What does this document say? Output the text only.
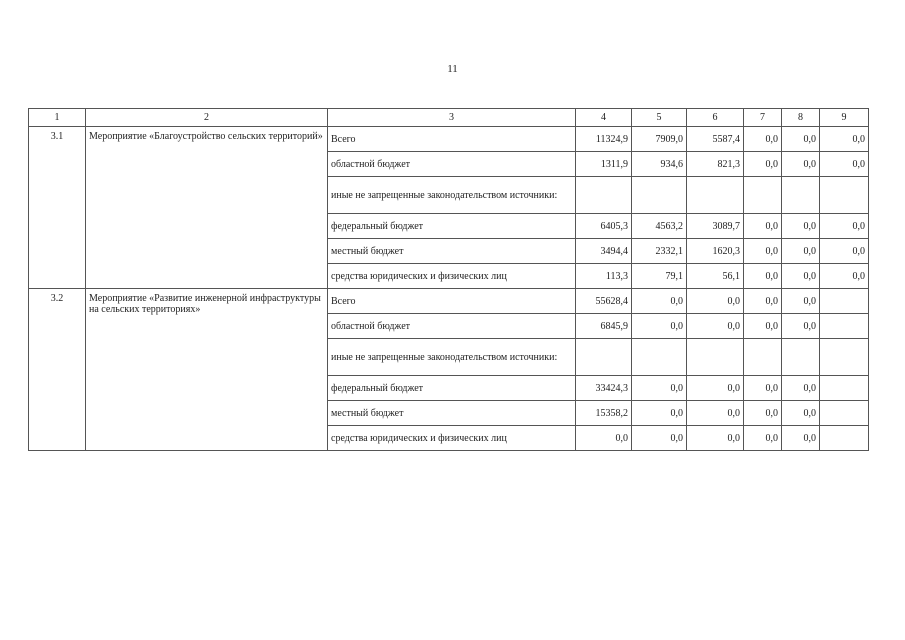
11
1	2	3	4	5	6	7	8	9
3.1	Мероприятие «Благоустройство сельских территорий»	Всего	11324,9	7909,0	5587,4	0,0	0,0	0,0
		областной бюджет	1311,9	934,6	821,3	0,0	0,0	0,0
		иные не запрещенные законодательством источники:						
		федеральный бюджет	6405,3	4563,2	3089,7	0,0	0,0	0,0
		местный бюджет	3494,4	2332,1	1620,3	0,0	0,0	0,0
		средства юридических и физических лиц	113,3	79,1	56,1	0,0	0,0	0,0
3.2	Мероприятие «Развитие инженерной инфраструктуры на сельских территориях»	Всего	55628,4	0,0	0,0	0,0	0,0	
		областной бюджет	6845,9	0,0	0,0	0,0	0,0	
		иные не запрещенные законодательством источники:						
		федеральный бюджет	33424,3	0,0	0,0	0,0	0,0	
		местный бюджет	15358,2	0,0	0,0	0,0	0,0	
		средства юридических и физических лиц	0,0	0,0	0,0	0,0	0,0	
